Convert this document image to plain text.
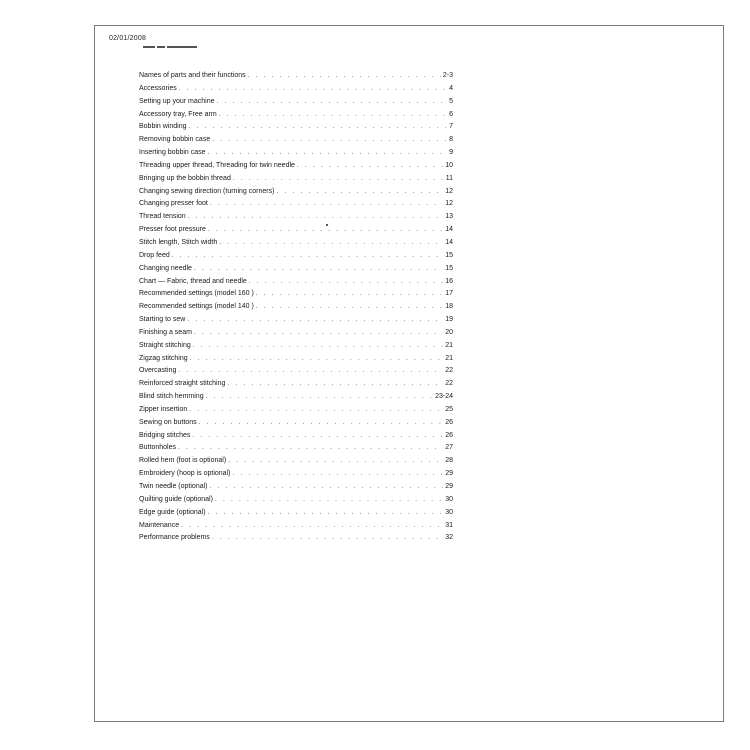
02/01/2008
Names of parts and their functions . . .	2-3
Accessories . . .	4
Setting up your machine . . .	5
Accessory tray, Free arm . . .	6
Bobbin winding . . .	7
Removing bobbin case . . .	8
Inserting bobbin case . . .	9
Threading upper thread, Threading for twin needle . . .	10
Bringing up the bobbin thread . . .	11
Changing sewing direction (turning corners) . . .	12
Changing presser foot . . .	12
Thread tension . . .	13
Presser foot pressure . . .	14
Stitch length, Stitch width . . .	14
Drop feed . . .	15
Changing needle . . .	15
Chart — Fabric, thread and needle . . .	16
Recommended settings (model 160 ) . . .	17
Recommended settings (model 140 ) . . .	18
Starting to sew . . .	19
Finishing a seam . . .	20
Straight stitching . . .	21
Zigzag stitching . . .	21
Overcasting . . .	22
Reinforced straight stitching . . .	22
Blind stitch hemming . . .	23-24
Zipper insertion . . .	25
Sewing on buttons . . .	26
Bridging stitches . . .	26
Buttonholes . . .	27
Rolled hem (foot is optional) . . .	28
Embroidery (hoop is optional) . . .	29
Twin needle (optional) . . .	29
Quilting guide (optional) . . .	30
Edge guide (optional) . . .	30
Maintenance . . .	31
Performance problems . . .	32
